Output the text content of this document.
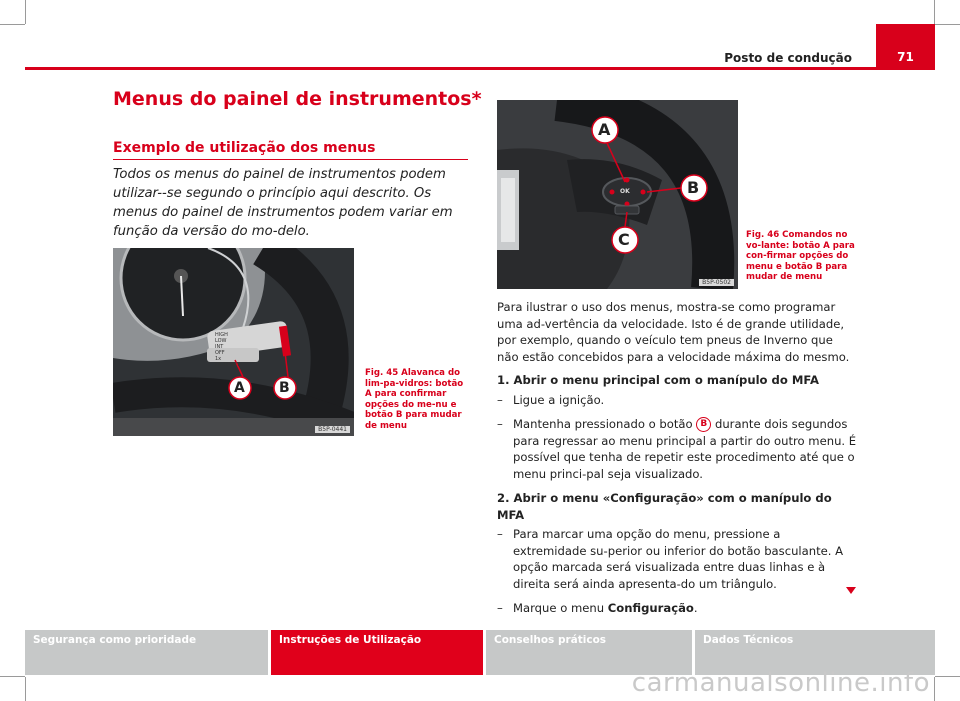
71
Posto de condução
Menus do painel de instrumentos*
Exemplo de utilização dos menus

Todos os menus do painel de instrumentos podem utilizar--se segundo o princípio aqui descrito. Os menus do painel de instrumentos podem variar em função da versão do mo-delo.

A B
HIGH
LOW
INT
OFF
1x
OK/RESET
B5P-0441
Fig. 45 Alavanca do lim-pa-vidros: botão A para confirmar opções do me-nu e botão B para mudar de menu
A
B
C
OK
B5P-0502
Fig. 46 Comandos no vo-lante: botão A para con-firmar opções do menu e botão B para mudar de menu

Para ilustrar o uso dos menus, mostra-se como programar uma ad-vertência da velocidade. Isto é de grande utilidade, por exemplo, quando o veículo tem pneus de Inverno que não estão concebidos para a velocidade máxima do mesmo.

1. Abrir o menu principal com o manípulo do MFA

– Ligue a ignição.

– Mantenha pressionado o botão B durante dois segundos para regressar ao menu principal a partir do outro menu. É possível que tenha de repetir este procedimento até que o menu princi-pal seja visualizado.

2. Abrir o menu «Configuração» com o manípulo do MFA

– Para marcar uma opção do menu, pressione a extremidade su-perior ou inferior do botão basculante. A opção marcada será visualizada entre duas linhas e à direita será ainda apresenta-do um triângulo.

– Marque o menu Configuração.

Segurança como prioridade	Instruções de Utilização	Conselhos práticos	Dados Técnicos
carmanualsonline.info
